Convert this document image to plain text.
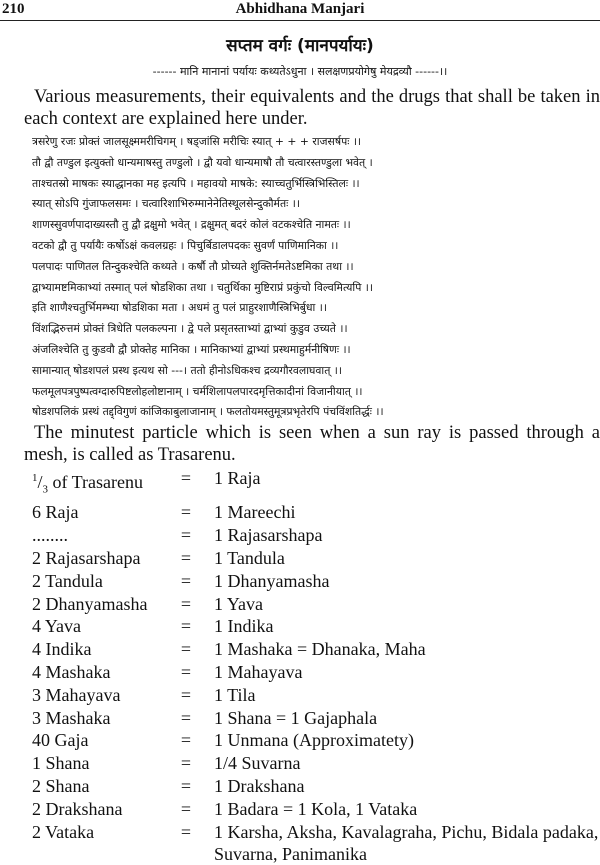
210	Abhidhana Manjari
सप्तम वर्गः (मानपर्यायः)
------ मानि मानानां पर्यायः कथ्यतेऽधुना । सलक्षणप्रयोगेषु मेयद्रव्यौ ------।।

Various measurements, their equivalents and the drugs that shall be taken in each context are explained here under.

त्रसरेणु रजः प्रोक्तं जालसूक्ष्ममरीचिगम् । षड्जांसि मरीचिः स्यात् + + + राजसर्षपः ।।
तौ द्वौ तण्डुल इत्युक्तो धान्यमाषस्तु तण्डुलो । द्वौ यवो धान्यमाषौ तौ चत्वारस्तण्डुला भवेत् ।
ताश्चतस्रो माषकः स्याद्धानका मह इत्यपि । महावयो माषके: स्याच्चतुर्भिस्त्रिभिस्तिलः ।।
स्यात् सोऽपि गुंजाफलसमः । चत्वारिशाभिरुम्मानेनेतिस्थूलसेन्दुकौर्मतः ।।
शाणस्सुवर्णपादाख्यस्तौ तु द्वौ द्रक्षुमो भवेत् । द्रक्षुमत् बदरं कोलं वटकश्चेति नामतः ।।
वटको द्वौ तु पर्यायैः कर्षोऽक्षं कवलग्रहः । पिचुर्बिडालपदकः सुवर्णं पाणिमानिका ।।
पलपादः पाणितल तिन्दुकश्चेति कथ्यते । कर्षौ तौ प्रोच्यते शुक्तिर्नमतेऽष्टमिका तथा ।।
द्वाभ्यामष्टमिकाभ्यां तस्मात् पलं षोडशिका तथा । चतुर्थिका मुष्टिराप्रं प्रकुंचो विल्वमित्यपि ।।
इति शाणैश्चतुर्भिमम्भ्या षोडशिका मता । अधमं तु पलं प्राहुरशाणैस्त्रिभिर्बुधा ।।
विंशद्भिरुत्तमं प्रोक्तं त्रिधेति पलकल्पना । द्वे पले प्रसृतस्ताभ्यां द्वाभ्यां कुडुव उच्यते ।।
अंजलिश्चेति तु कुडवौ द्वौ प्रोक्तेह मानिका । मानिकाभ्यां द्वाभ्यां प्रस्थमाहुर्मनीषिणः ।।
सामान्यात् षोडशपलं प्रस्थ इत्यथ सो ---। ततो हीनोऽधिकश्च द्रव्यगौरवलाघवात् ।।
फलमूलपत्रपुष्पत्वग्दारुपिष्टलोहलोष्टानाम् । चर्मशिलापलपारदमृत्तिकादीनां विजानीयात् ।।
षोडशपलिकं प्रस्थं तद्द्विगुणं कांजिकाबुलाजानाम् । फलतोयमस्तुमूत्रप्रभृतेरपि पंचविंशतिर्द्धः ।।

The minutest particle which is seen when a sun ray is passed through a mesh, is called as Trasarenu.

$^1/_3$ of Trasarenu	=	1 Raja
6 Raja	=	1 Mareechi
........	=	1 Rajasarshapa
2 Rajasarshapa	=	1 Tandula
2 Tandula	=	1 Dhanyamasha
2 Dhanyamasha	=	1 Yava
4 Yava	=	1 Indika
4 Indika	=	1 Mashaka = Dhanaka, Maha
4 Mashaka	=	1 Mahayava
3 Mahayava	=	1 Tila
3 Mashaka	=	1 Shana = 1 Gajaphala
40 Gaja	=	1 Unmana (Approximatety)
1 Shana	=	1/4 Suvarna
2 Shana	=	1 Drakshana
2 Drakshana	=	1 Badara = 1 Kola, 1 Vataka
2 Vataka	=	1 Karsha, Aksha, Kavalagraha, Pichu, Bidala padaka, Suvarna, Panimanika
